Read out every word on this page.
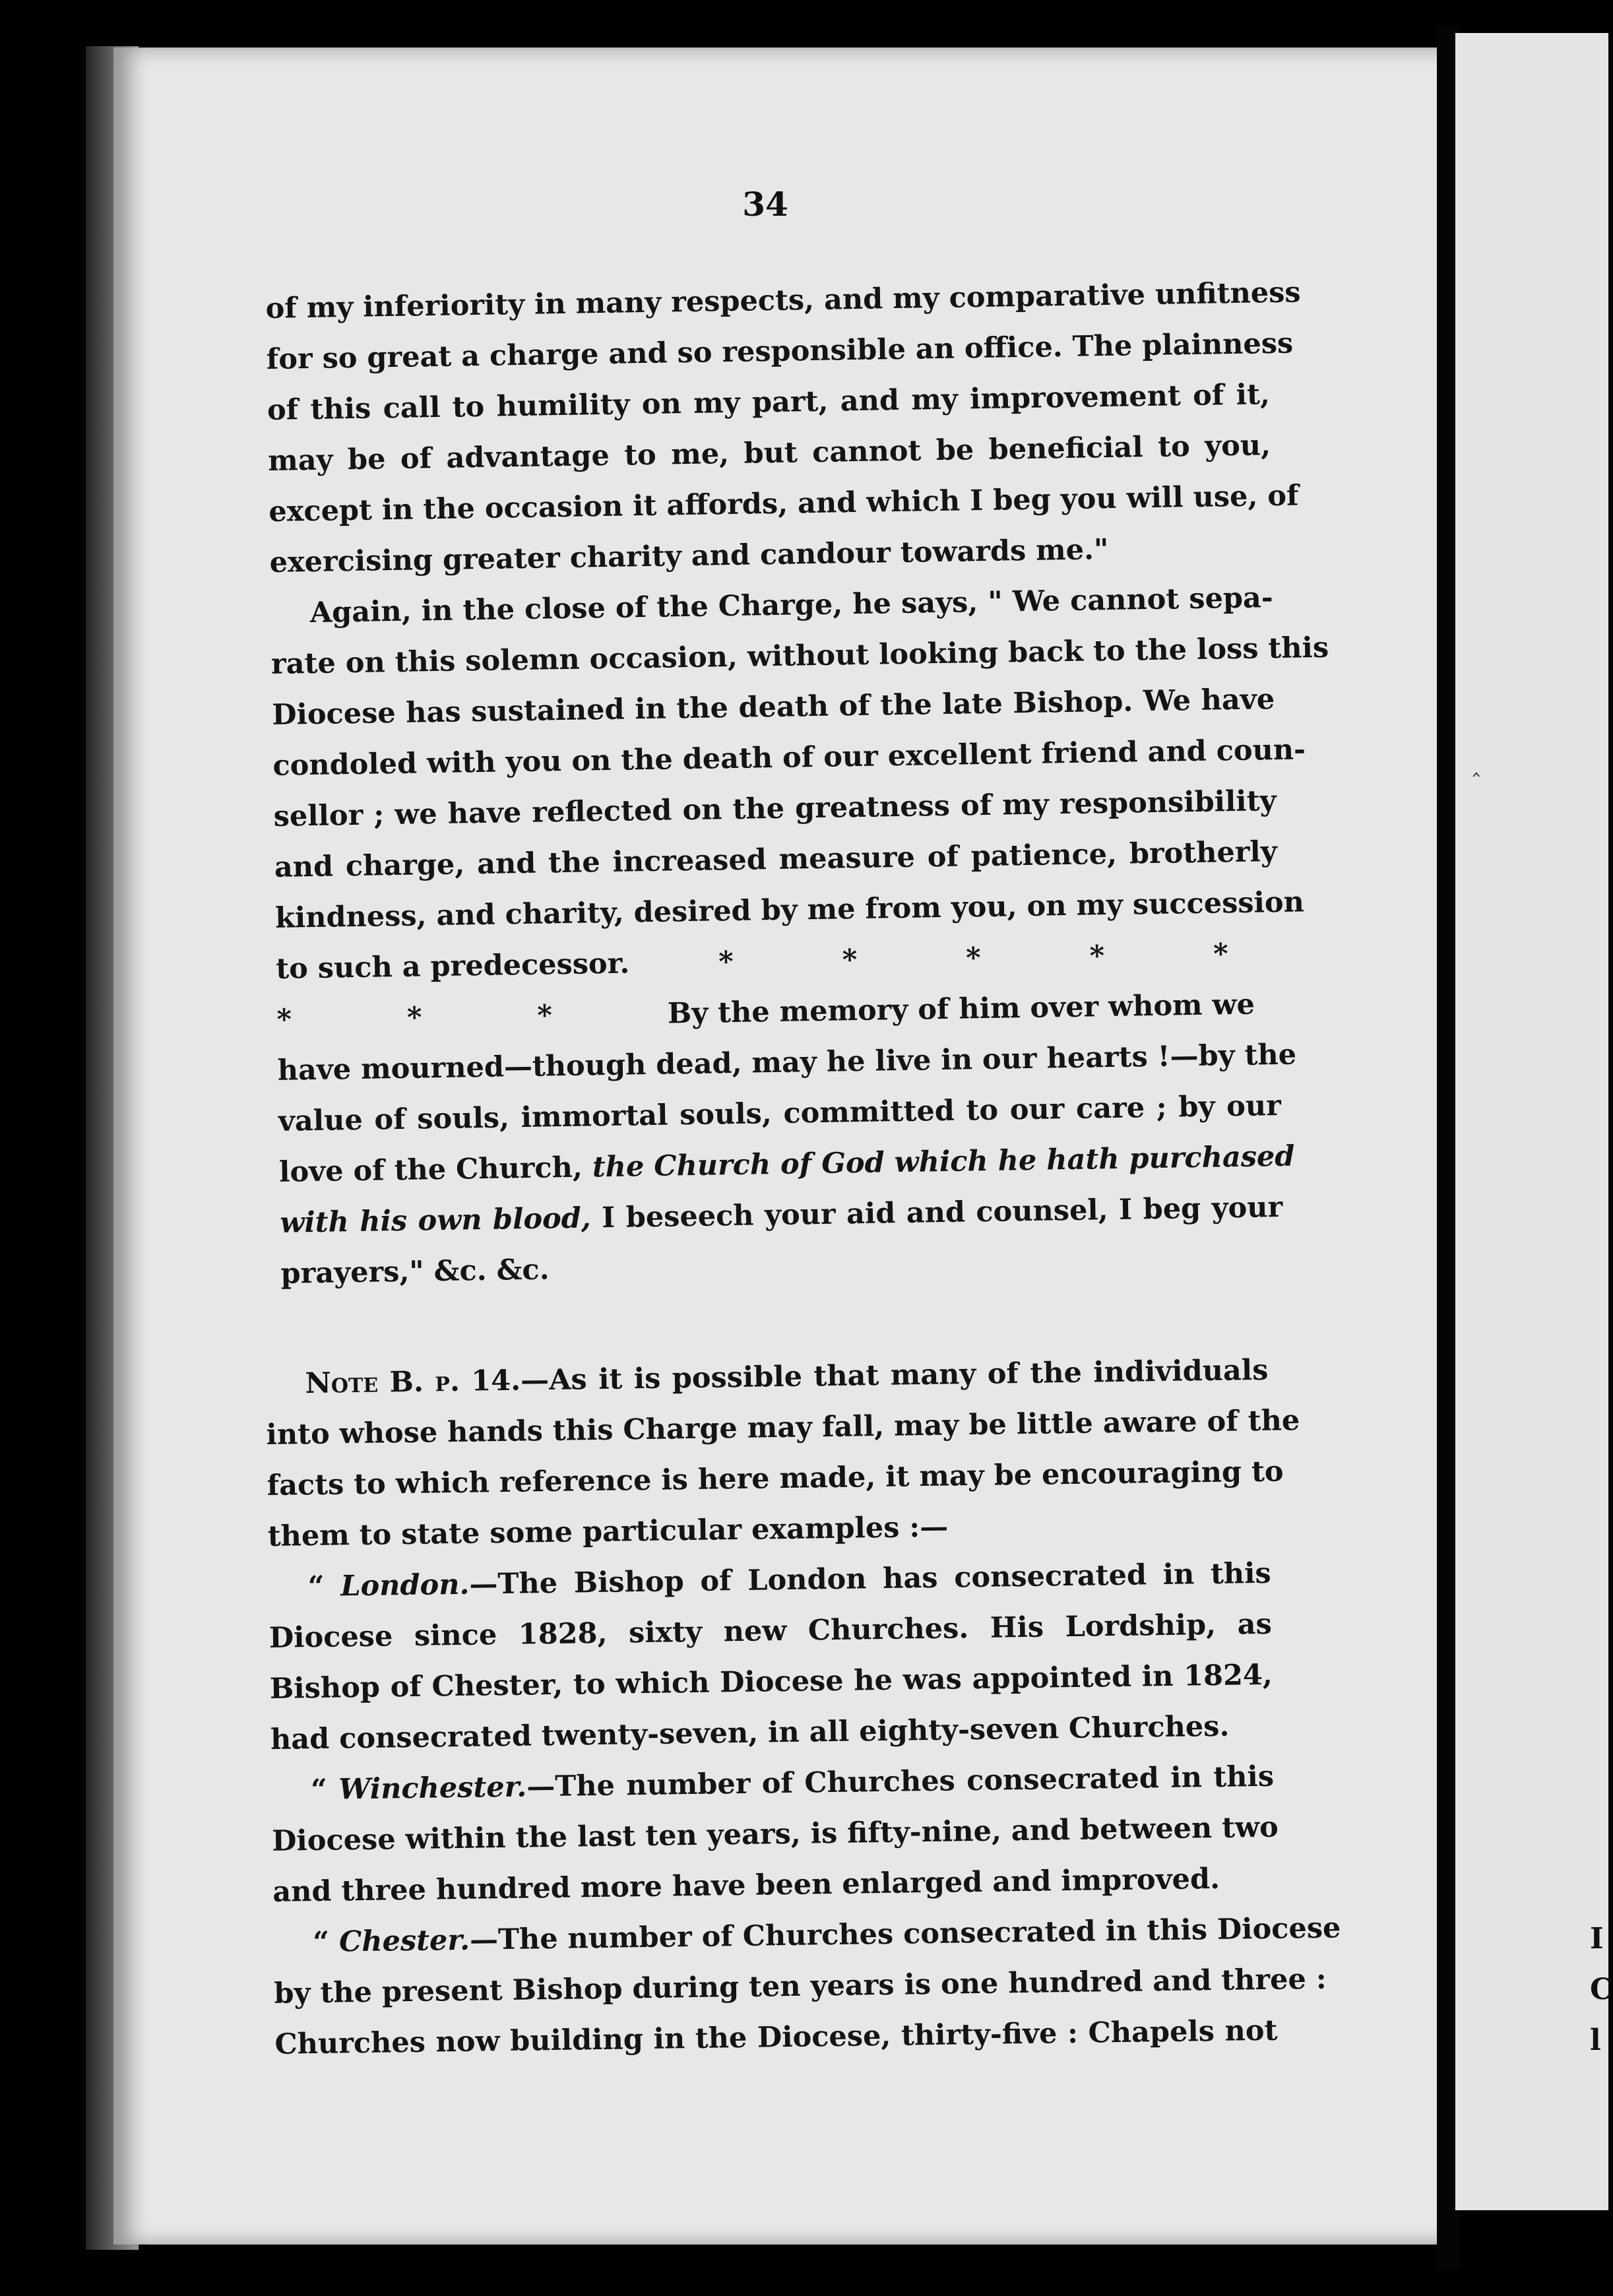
‸
34
of my inferiority in many respects, and my comparative unfitness
for so great a charge and so responsible an office. The plainness
of this call to humility on my part, and my improvement of it,
may be of advantage to me, but cannot be beneficial to you,
except in the occasion it affords, and which I beg you will use, of
exercising greater charity and candour towards me."
Again, in the close of the Charge, he says, " We cannot sepa-
rate on this solemn occasion, without looking back to the loss this
Diocese has sustained in the death of the late Bishop. We have
condoled with you on the death of our excellent friend and coun-
sellor ; we have reflected on the greatness of my responsibility
and charge, and the increased measure of patience, brotherly
kindness, and charity, desired by me from you, on my succession
to such a predecessor.	*	*	*	*	*
*	*	*	By the memory of him over whom we
have mourned—though dead, may he live in our hearts !—by the
value of souls, immortal souls, committed to our care ; by our
love of the Church, the Church of God which he hath purchased
with his own blood, I beseech your aid and counsel, I beg your
prayers," &c. &c.
Note B. p. 14.—As it is possible that many of the individuals
into whose hands this Charge may fall, may be little aware of the
facts to which reference is here made, it may be encouraging to
them to state some particular examples :—
“ London.—The Bishop of London has consecrated in this
Diocese since 1828, sixty new Churches. His Lordship, as
Bishop of Chester, to which Diocese he was appointed in 1824,
had consecrated twenty-seven, in all eighty-seven Churches.
“ Winchester.—The number of Churches consecrated in this
Diocese within the last ten years, is fifty-nine, and between two
and three hundred more have been enlarged and improved.
“ Chester.—The number of Churches consecrated in this Diocese
by the present Bishop during ten years is one hundred and three :
Churches now building in the Diocese, thirty-five : Chapels not
I
C
l
